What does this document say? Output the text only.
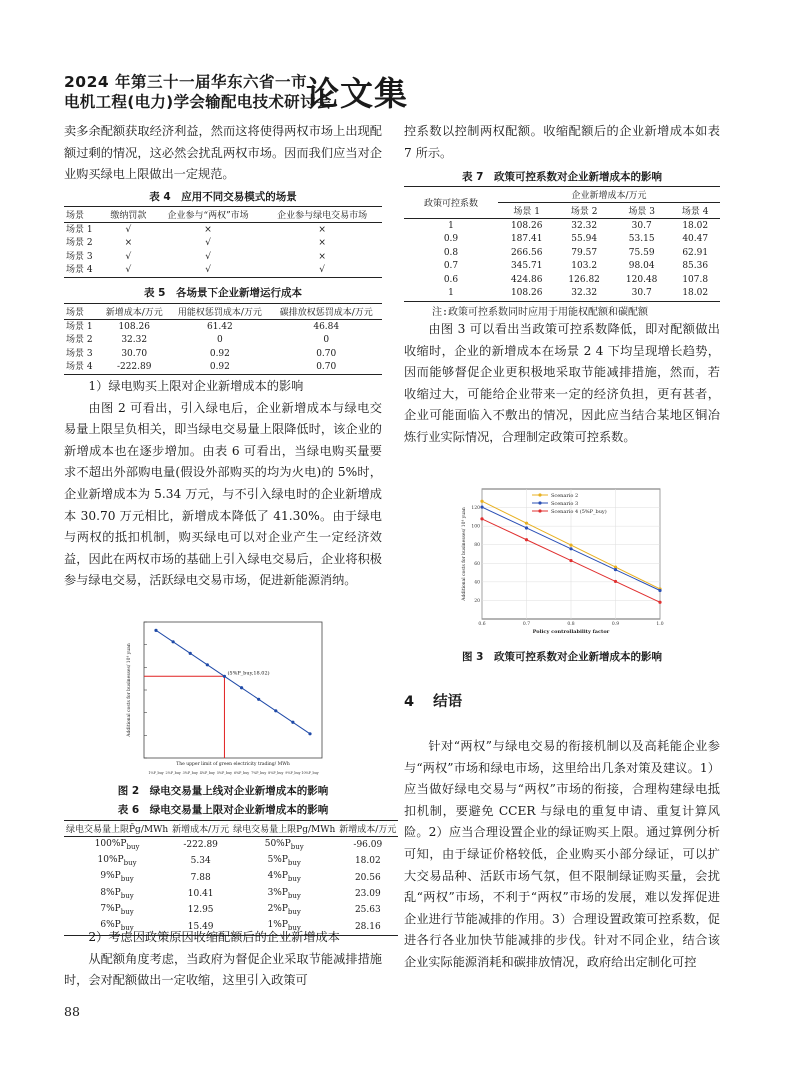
2024 年第三十一届华东六省一市
电机工程(电力)学会输配电技术研讨会
论文集

卖多余配额获取经济利益，然而这将使得两权市场上出现配额过剩的情况，这必然会扰乱两权市场。因而我们应当对企业购买绿电上限做出一定规范。

表 4　应用不同交易模式的场景
场景	缴纳罚款	企业参与“两权”市场	企业参与绿电交易市场
场景 1	√	×	×
场景 2	×	√	×
场景 3	√	√	×
场景 4	√	√	√
表 5　各场景下企业新增运行成本
场景	新增成本/万元	用能权惩罚成本/万元	碳排放权惩罚成本/万元
场景 1	108.26	61.42	46.84
场景 2	32.32	0	0
场景 3	30.70	0.92	0.70
场景 4	-222.89	0.92	0.70

1）绿电购买上限对企业新增成本的影响

由图 2 可看出，引入绿电后，企业新增成本与绿电交易量上限呈负相关，即当绿电交易量上限降低时，该企业的新增成本也在逐步增加。由表 6 可看出，当绿电购买量要求不超出外部购电量(假设外部购买的均为火电)的 5%时，企业新增成本为 5.34 万元，与不引入绿电时的企业新增成本 30.70 万元相比，新增成本降低了 41.30%。由于绿电与两权的抵扣机制，购买绿电可以对企业产生一定经济效益，因此在两权市场的基础上引入绿电交易后，企业将积极参与绿电交易，活跃绿电交易市场，促进新能源消纳。

(5%P_buy,18.02)
The upper limit of green electricity trading/ MWh
1%P_buy 2%P_buy 3%P_buy 4%P_buy 5%P_buy 6%P_buy 7%P_buy 8%P_buy 9%P_buy 10%P_buy
Additional costs for businesses/ 10⁴ yuan
图 2　绿电交易量上线对企业新增成本的影响
表 6　绿电交易量上限对企业新增成本的影响
绿电交易量上限P̄g/MWh	新增成本/万元	绿电交易量上限Pg/MWh	新增成本/万元
$100\%P_{buy}$	-222.89	$50\%P_{buy}$	-96.09
$10\%P_{buy}$	5.34	$5\%P_{buy}$	18.02
$9\%P_{buy}$	7.88	$4\%P_{buy}$	20.56
$8\%P_{buy}$	10.41	$3\%P_{buy}$	23.09
$7\%P_{buy}$	12.95	$2\%P_{buy}$	25.63
$6\%P_{buy}$	15.49	$1\%P_{buy}$	28.16

2）考虑因政策原因收缩配额后的企业新增成本

从配额角度考虑，当政府为督促企业采取节能减排措施时，会对配额做出一定收缩，这里引入政策可

控系数以控制两权配额。收缩配额后的企业新增成本如表 7 所示。

表 7　政策可控系数对企业新增成本的影响
政策可控系数	企业新增成本/万元			
	场景 1	场景 2	场景 3	场景 4
1	108.26	32.32	30.7	18.02
0.9	187.41	55.94	53.15	40.47
0.8	266.56	79.57	75.59	62.91
0.7	345.71	103.2	98.04	85.36
0.6	424.86	126.82	120.48	107.8
1	108.26	32.32	30.7	18.02
注:政策可控系数同时应用于用能权配额和碳配额

由图 3 可以看出当政策可控系数降低，即对配额做出收缩时，企业的新增成本在场景 2 4 下均呈现增长趋势，因而能够督促企业更积极地采取节能减排措施，然而，若收缩过大，可能给企业带来一定的经济负担，更有甚者，企业可能面临入不敷出的情况，因此应当结合某地区铜冶炼行业实际情况，合理制定政策可控系数。

20
40
60
80
100
120
0.6	0.7	0.8	0.9	1.0
Scenario 2
Scenario 3
Scenario 4 (5%P_buy)
Policy controllability factor
Additional costs for businesses/ 10⁴ yuan
图 3　政策可控系数对企业新增成本的影响
4 结语

针对“两权”与绿电交易的衔接机制以及高耗能企业参与“两权”市场和绿电市场，这里给出几条对策及建议。1）应当做好绿电交易与“两权”市场的衔接，合理构建绿电抵扣机制，要避免 CCER 与绿电的重复申请、重复计算风险。2）应当合理设置企业的绿证购买上限。通过算例分析可知，由于绿证价格较低，企业购买小部分绿证，可以扩大交易品种、活跃市场气氛，但不限制绿证购买量，会扰乱“两权”市场，不利于“两权”市场的发展，难以发挥促进企业进行节能减排的作用。3）合理设置政策可控系数，促进各行各业加快节能减排的步伐。针对不同企业，结合该企业实际能源消耗和碳排放情况，政府给出定制化可控

88
